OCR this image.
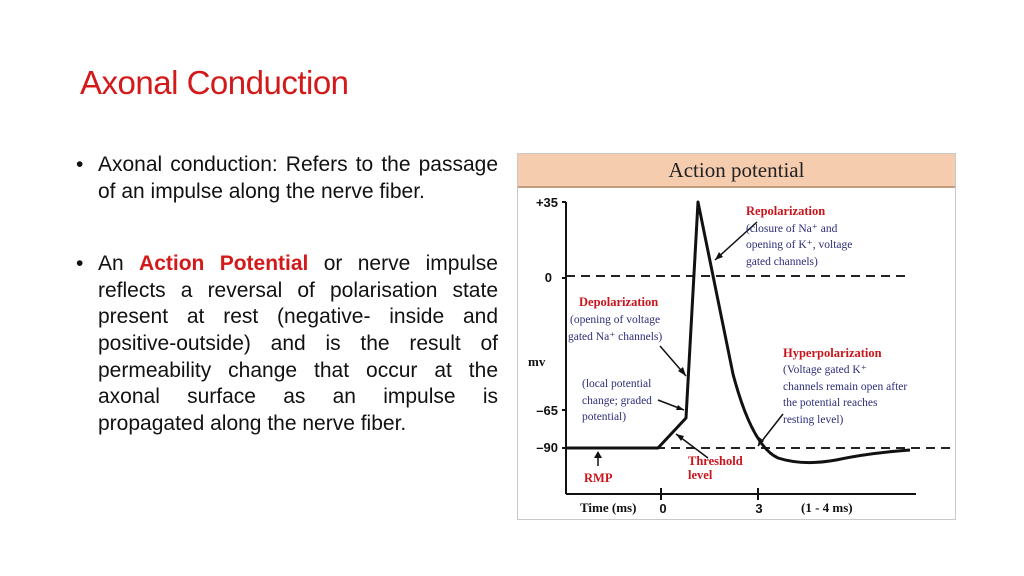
Axonal Conduction
• Axonal conduction: Refers to the passage of an impulse along the nerve fiber.
• An Action Potential or nerve impulse reflects a reversal of polarisation state present at rest (negative- inside and positive-outside) and is the result of permeability change that occur at the axonal surface as an impulse is propagated along the nerve fiber.
Action potential
+35
0
–65
–90
mv
Time (ms) 0	3	(1 - 4 ms)
Repolarization
(closure of Na⁺ and
opening of K⁺, voltage
gated channels)
Depolarization
(opening of voltage
gated Na⁺ channels)
(local potential
change; graded
potential)
Hyperpolarization
(Voltage gated K⁺
channels remain open after
the potential reaches
resting level)
Threshold
level
RMP
